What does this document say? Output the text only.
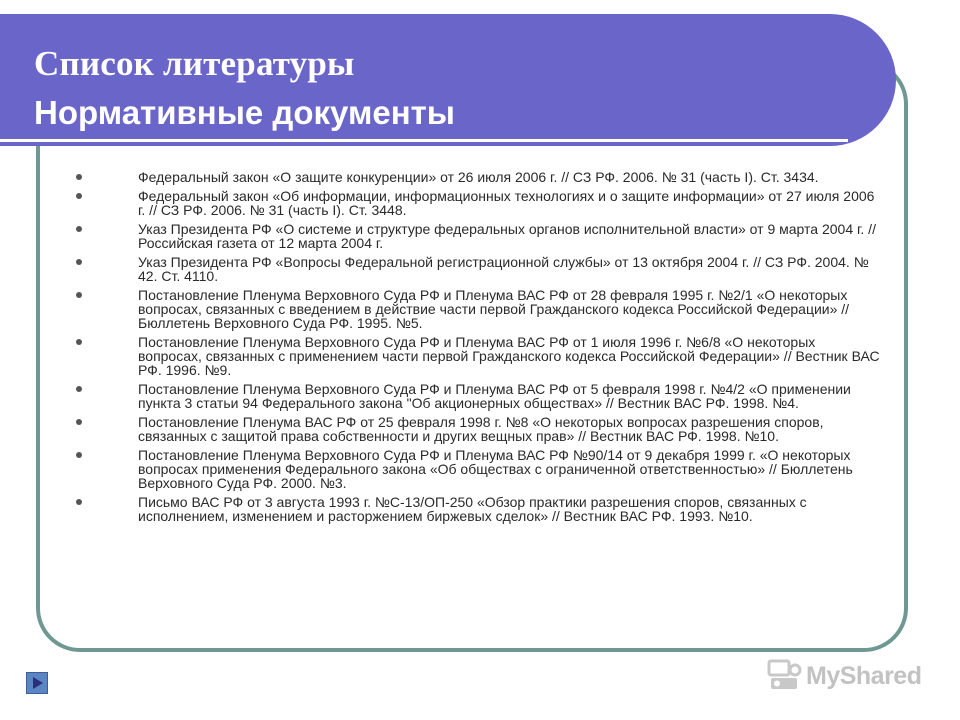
Список литературы
Нормативные документы
Федеральный закон «О защите конкуренции» от 26 июля 2006 г. // СЗ РФ. 2006. № 31 (часть I). Ст. 3434.
Федеральный закон «Об информации, информационных технологиях и о защите информации» от 27 июля 2006 г. // СЗ РФ. 2006. № 31 (часть I). Ст. 3448.
Указ Президента РФ «О системе и структуре федеральных органов исполнительной власти» от 9 марта 2004 г. // Российская газета от 12 марта 2004 г.
Указ Президента РФ «Вопросы Федеральной регистрационной службы» от 13 октября 2004 г. // СЗ РФ. 2004. № 42. Ст. 4110.
Постановление Пленума Верховного Суда РФ и Пленума ВАС РФ от 28 февраля 1995 г. №2/1 «О некоторых вопросах, связанных с введением в действие части первой Гражданского кодекса Российской Федерации» // Бюллетень Верховного Суда РФ. 1995. №5.
Постановление Пленума Верховного Суда РФ и Пленума ВАС РФ от 1 июля 1996 г. №6/8 «О некоторых вопросах, связанных с применением части первой Гражданского кодекса Российской Федерации» // Вестник ВАС РФ. 1996. №9.
Постановление Пленума Верховного Суда РФ и Пленума ВАС РФ от 5 февраля 1998 г. №4/2 «О применении пункта 3 статьи 94 Федерального закона "Об акционерных обществах» // Вестник ВАС РФ. 1998. №4.
Постановление Пленума ВАС РФ от 25 февраля 1998 г. №8 «О некоторых вопросах разрешения споров, связанных с защитой права собственности и других вещных прав» // Вестник ВАС РФ. 1998. №10.
Постановление Пленума Верховного Суда РФ и Пленума ВАС РФ №90/14 от 9 декабря 1999 г. «О некоторых вопросах применения Федерального закона «Об обществах с ограниченной ответственностью» // Бюллетень Верховного Суда РФ. 2000. №3.
Письмо ВАС РФ от 3 августа 1993 г. №С-13/ОП-250 «Обзор практики разрешения споров, связанных с исполнением, изменением и расторжением биржевых сделок» // Вестник ВАС РФ. 1993. №10.
MyShared
